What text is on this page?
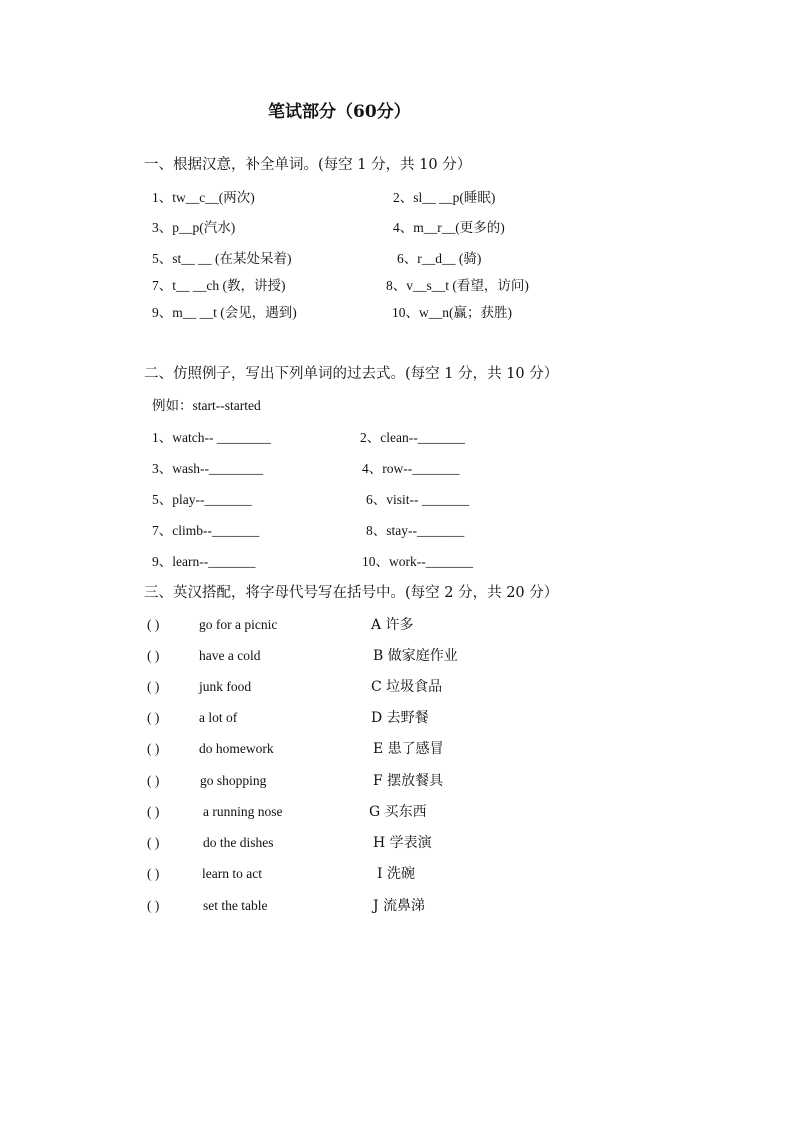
笔试部分（60分）
一、根据汉意，补全单词。(每空 1 分，共 10 分）
1、tw__c__(两次)	2、sl__ __p(睡眠)
3、p__p(汽水)	4、m__r__(更多的)
5、st__ __ (在某处呆着)	6、r__d__ (骑)
7、t__ __ch (教，讲授)	8、v__s__t (看望，访问)
9、m__ __t (会见，遇到)	10、w__n(赢；获胜)
二、仿照例子，写出下列单词的过去式。(每空 1 分，共 10 分）
例如：start--started
1、watch-- ________	2、clean--_______
3、wash--________	4、row--_______
5、play--_______	6、visit-- _______
7、climb--_______	8、stay--_______
9、learn--_______	10、work--_______
三、英汉搭配，将字母代号写在括号中。(每空 2 分，共 20 分）
( )	go for a picnic	A 许多
( )	have a cold	B 做家庭作业
( )	junk food	C 垃圾食品
( )	a lot of	D 去野餐
( )	do homework	E 患了感冒
( )	go shopping	F 摆放餐具
( )	a running nose	G 买东西
( )	do the dishes	H 学表演
( )	learn to act	I 洗碗
( )	set the table	J 流鼻涕
